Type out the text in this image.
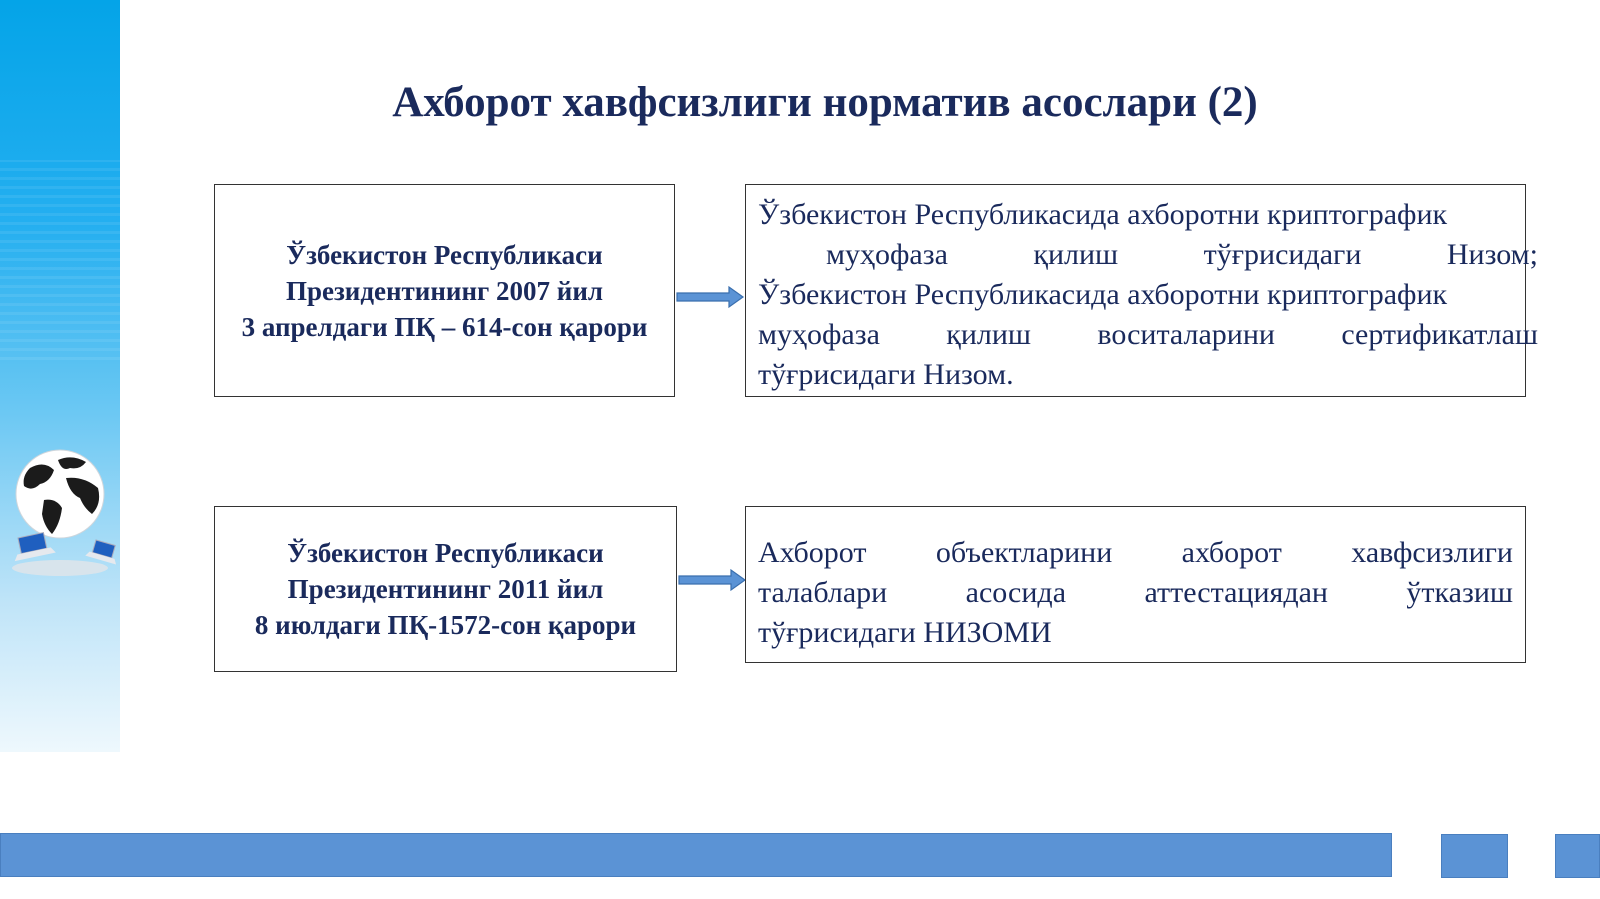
Ахборот хавфсизлиги норматив асослари (2)
Ўзбекистон Республикаси
Президентининг 2007 йил
3 апрелдаги ПҚ – 614-сон қарори
Ўзбекистон Республикасида ахборотни криптографик
муҳофаза қилиш тўғрисидаги Низом;
Ўзбекистон Республикасида ахборотни криптографик
муҳофаза қилиш воситаларини сертификатлаш
тўғрисидаги Низом.
Ўзбекистон Республикаси
Президентининг 2011 йил
8 июлдаги ПҚ-1572-сон қарори
Ахборот объектларини ахборот хавфсизлиги
талаблари асосида аттестациядан ўтказиш
тўғрисидаги НИЗОМИ
